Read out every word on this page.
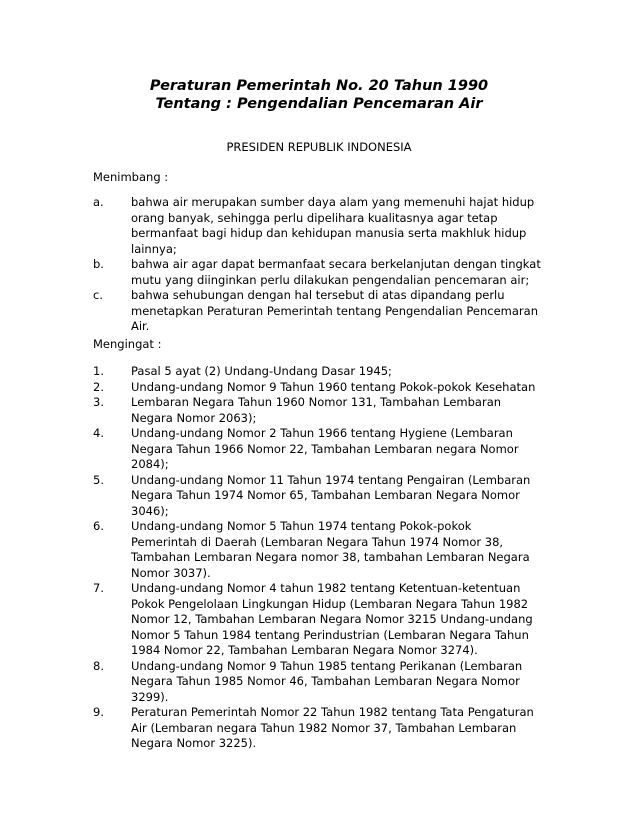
Peraturan Pemerintah No. 20 Tahun 1990
Tentang : Pengendalian Pencemaran Air
PRESIDEN REPUBLIK INDONESIA
Menimbang :
a. bahwa air merupakan sumber daya alam yang memenuhi hajat hidup
orang banyak, sehingga perlu dipelihara kualitasnya agar tetap
bermanfaat bagi hidup dan kehidupan manusia serta makhluk hidup
lainnya;
b. bahwa air agar dapat bermanfaat secara berkelanjutan dengan tingkat
mutu yang diinginkan perlu dilakukan pengendalian pencemaran air;
c. bahwa sehubungan dengan hal tersebut di atas dipandang perlu
menetapkan Peraturan Pemerintah tentang Pengendalian Pencemaran
Air.
Mengingat :
1. Pasal 5 ayat (2) Undang-Undang Dasar 1945;
2. Undang-undang Nomor 9 Tahun 1960 tentang Pokok-pokok Kesehatan
3. Lembaran Negara Tahun 1960 Nomor 131, Tambahan Lembaran
Negara Nomor 2063);
4. Undang-undang Nomor 2 Tahun 1966 tentang Hygiene (Lembaran
Negara Tahun 1966 Nomor 22, Tambahan Lembaran negara Nomor
2084);
5. Undang-undang Nomor 11 Tahun 1974 tentang Pengairan (Lembaran
Negara Tahun 1974 Nomor 65, Tambahan Lembaran Negara Nomor
3046);
6. Undang-undang Nomor 5 Tahun 1974 tentang Pokok-pokok
Pemerintah di Daerah (Lembaran Negara Tahun 1974 Nomor 38,
Tambahan Lembaran Negara nomor 38, tambahan Lembaran Negara
Nomor 3037).
7. Undang-undang Nomor 4 tahun 1982 tentang Ketentuan-ketentuan
Pokok Pengelolaan Lingkungan Hidup (Lembaran Negara Tahun 1982
Nomor 12, Tambahan Lembaran Negara Nomor 3215 Undang-undang
Nomor 5 Tahun 1984 tentang Perindustrian (Lembaran Negara Tahun
1984 Nomor 22, Tambahan Lembaran Negara Nomor 3274).
8. Undang-undang Nomor 9 Tahun 1985 tentang Perikanan (Lembaran
Negara Tahun 1985 Nomor 46, Tambahan Lembaran Negara Nomor
3299).
9. Peraturan Pemerintah Nomor 22 Tahun 1982 tentang Tata Pengaturan
Air (Lembaran negara Tahun 1982 Nomor 37, Tambahan Lembaran
Negara Nomor 3225).
